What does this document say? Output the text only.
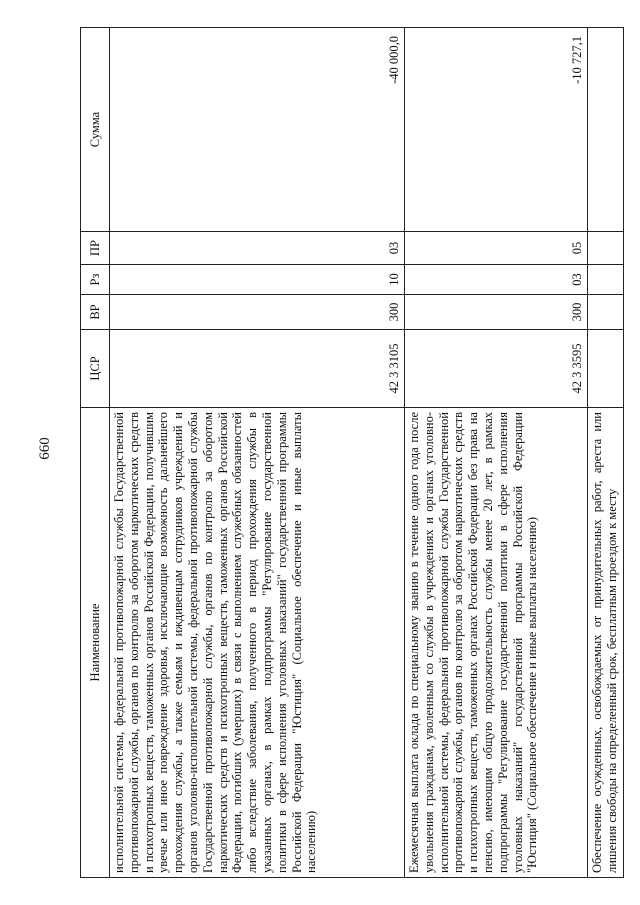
660
Наименование	ЦСР	ВР	Рз	ПР	Сумма
исполнительной системы, федеральной противопожарной службы Государственной противопожарной службы, органов по контролю за оборотом наркотических средств и психотропных веществ, таможенных органов Российской Федерации, получившим увечье или иное повреждение здоровья, исключающие возможность дальнейшего прохождения службы, а также семьям и иждивенцам сотрудников учреждений и органов уголовно-исполнительной системы, федеральной противопожарной службы Государственной противопожарной службы, органов по контролю за оборотом наркотических средств и психотропных веществ, таможенных органов Российской Федерации, погибших (умерших) в связи с выполнением служебных обязанностей либо вследствие заболевания, полученного в период прохождения службы в указанных органах, в рамках подпрограммы "Регулирование государственной политики в сфере исполнения уголовных наказаний" государственной программы Российской Федерации "Юстиция" (Социальное обеспечение и иные выплаты населению)	42 3 3105	300	10	03	-40 000,0
Ежемесячная выплата оклада по специальному званию в течение одного года после увольнения гражданам, уволенным со службы в учреждениях и органах уголовно-исполнительной системы, федеральной противопожарной службы Государственной противопожарной службы, органов по контролю за оборотом наркотических средств и психотропных веществ, таможенных органах Российской Федерации без права на пенсию, имеющим общую продолжительность службы менее 20 лет, в рамках подпрограммы "Регулирование государственной политики в сфере исполнения уголовных наказаний" государственной программы Российской Федерации "Юстиция" (Социальное обеспечение и иные выплаты населению)	42 3 3595	300	03	05	-10 727,1
Обеспечение осужденных, освобождаемых от принудительных работ, ареста или лишения свободы на определенный срок, бесплатным проездом к месту					
